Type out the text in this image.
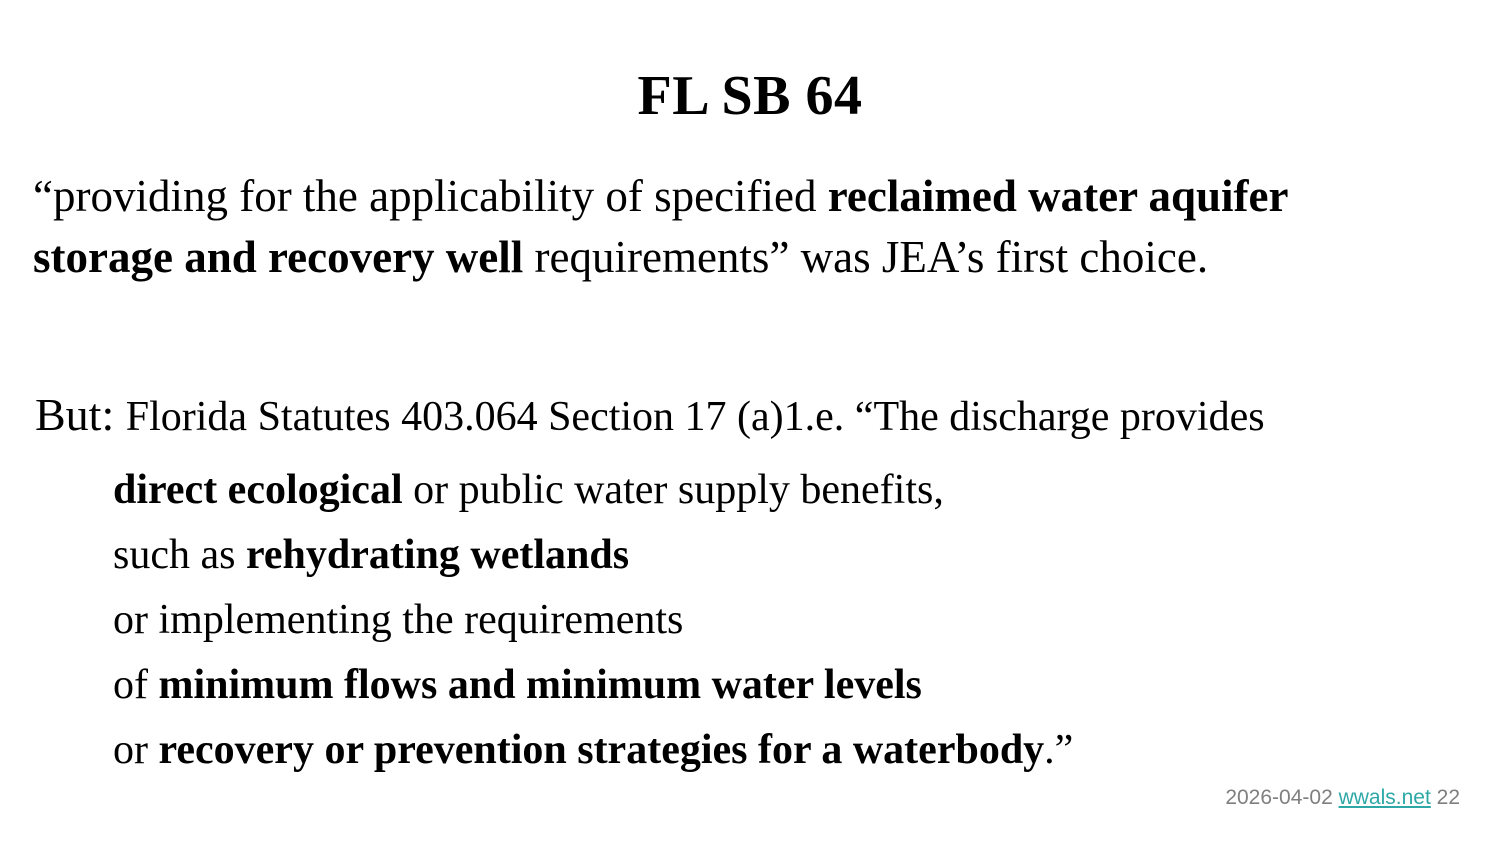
FL SB 64
“providing for the applicability of specified reclaimed water aquifer
storage and recovery well requirements” was JEA’s first choice.
But: Florida Statutes 403.064 Section 17 (a)1.e. “The discharge provides
direct ecological or public water supply benefits,
such as rehydrating wetlands
or implementing the requirements
of minimum flows and minimum water levels
or recovery or prevention strategies for a waterbody.”
2026-04-02 wwals.net 22
